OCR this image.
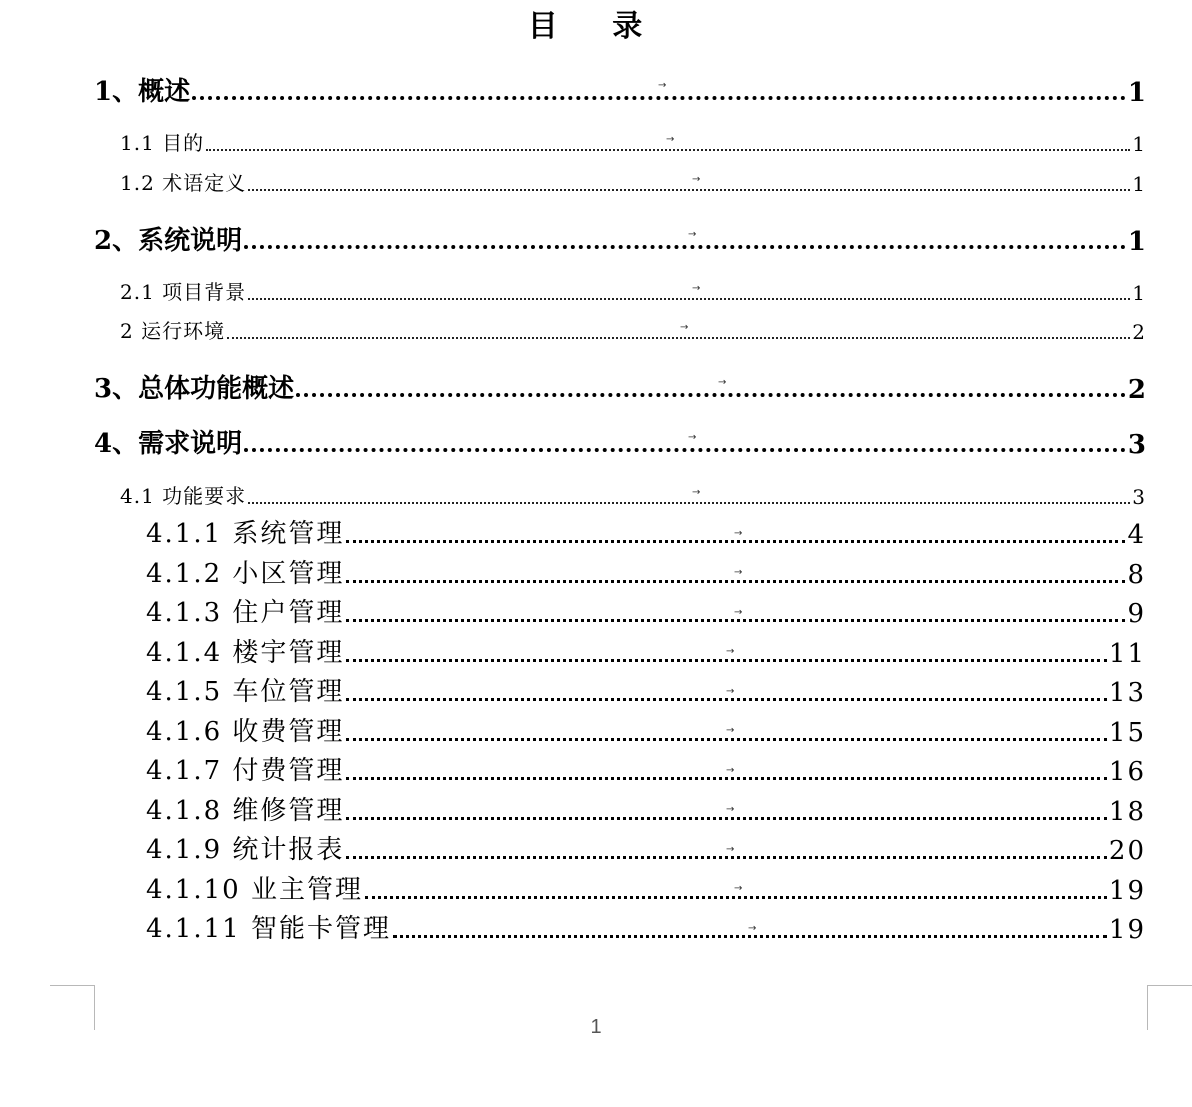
目 录
1、概述	1
1.1 目的	1
1.2 术语定义	1
2、系统说明	1
2.1 项目背景	1
2 运行环境	2
3、总体功能概述	2
4、需求说明	3
4.1 功能要求	3
4.1.1 系统管理	4
4.1.2 小区管理	8
4.1.3 住户管理	9
4.1.4 楼宇管理	11
4.1.5 车位管理	13
4.1.6 收费管理	15
4.1.7 付费管理	16
4.1.8 维修管理	18
4.1.9 统计报表	20
4.1.10 业主管理	19
4.1.11 智能卡管理	19
→
→
→
→
→
→
→
→
→
→
→
→
→
→
→
→
→
→
→
→
1
